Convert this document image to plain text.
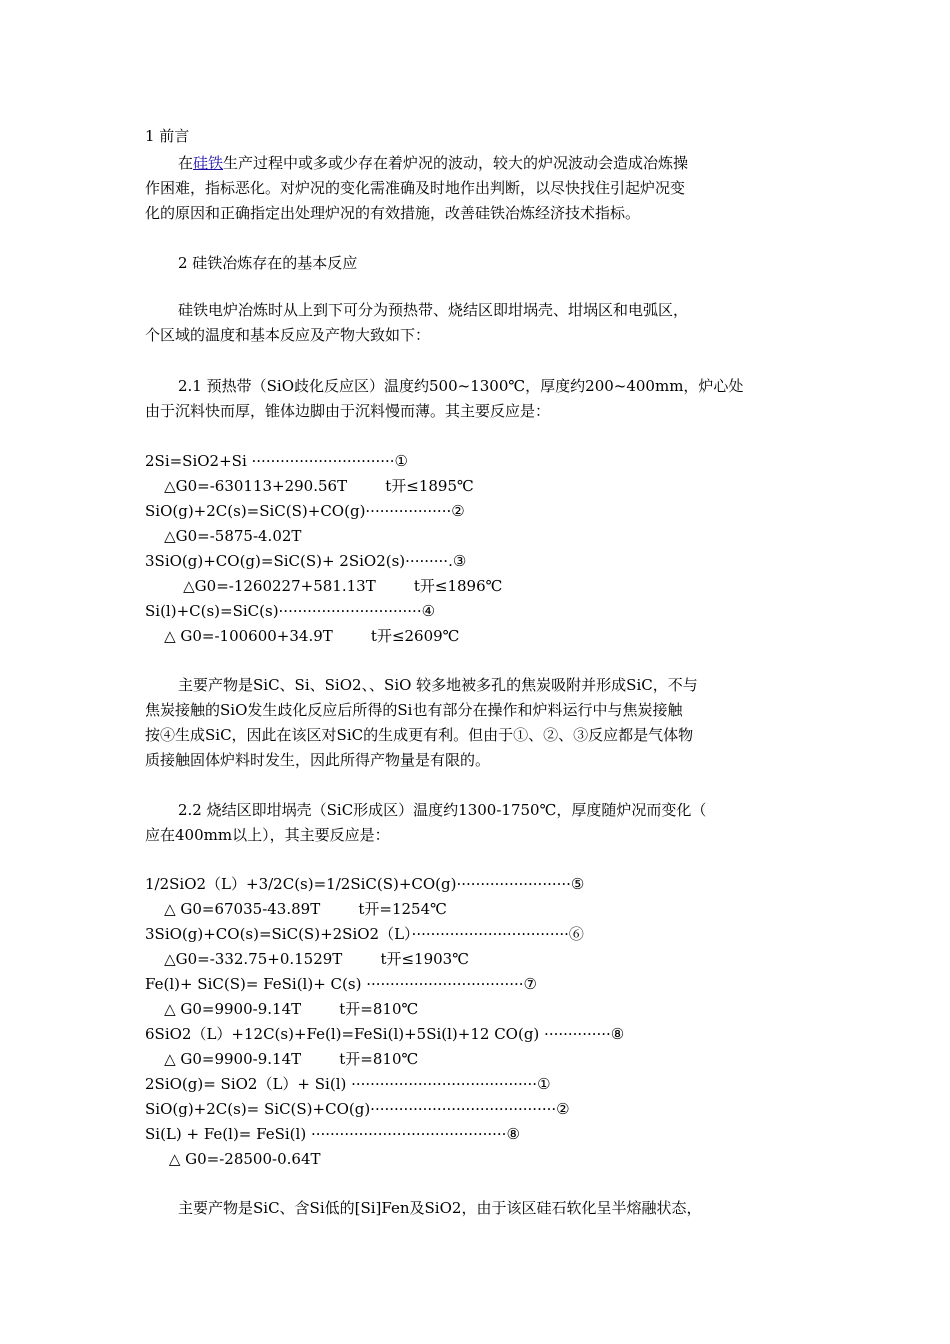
1 前言
在硅铁生产过程中或多或少存在着炉况的波动，较大的炉况波动会造成冶炼操
作困难，指标恶化。对炉况的变化需准确及时地作出判断，以尽快找住引起炉况变
化的原因和正确指定出处理炉况的有效措施，改善硅铁冶炼经济技术指标。
2 硅铁冶炼存在的基本反应
硅铁电炉冶炼时从上到下可分为预热带、烧结区即坩埚壳、坩埚区和电弧区，
个区域的温度和基本反应及产物大致如下：
2.1 预热带（SiO歧化反应区）温度约500~1300℃，厚度约200~400mm，炉心处
由于沉料快而厚，锥体边脚由于沉料慢而薄。其主要反应是：
2Si=SiO2+Si ······························①
△G0=-630113+290.56T        t开≤1895℃
SiO(g)+2C(s)=SiC(S)+CO(g)··················②
△G0=-5875-4.02T
3SiO(g)+CO(g)=SiC(S)+ 2SiO2(s)·········.③
△G0=-1260227+581.13T        t开≤1896℃
Si(l)+C(s)=SiC(s)······························④
△ G0=-100600+34.9T        t开≤2609℃
主要产物是SiC、Si、SiO2、、SiO 较多地被多孔的焦炭吸附并形成SiC，不与
焦炭接触的SiO发生歧化反应后所得的Si也有部分在操作和炉料运行中与焦炭接触
按④生成SiC，因此在该区对SiC的生成更有利。但由于①、②、③反应都是气体物
质接触固体炉料时发生，因此所得产物量是有限的。
2.2 烧结区即坩埚壳（SiC形成区）温度约1300-1750℃，厚度随炉况而变化（
应在400mm以上），其主要反应是：
1/2SiO2（L）+3/2C(s)=1/2SiC(S)+CO(g)························⑤
△ G0=67035-43.89T        t开=1254℃
3SiO(g)+CO(s)=SiC(S)+2SiO2（L）·································⑥
△G0=-332.75+0.1529T        t开≤1903℃
Fe(l)+ SiC(S)= FeSi(l)+ C(s) ·································⑦
△ G0=9900-9.14T        t开=810℃
6SiO2（L）+12C(s)+Fe(l)=FeSi(l)+5Si(l)+12 CO(g) ··············⑧
△ G0=9900-9.14T        t开=810℃
2SiO(g)= SiO2（L）+ Si(l) ·······································①
SiO(g)+2C(s)= SiC(S)+CO(g)·······································②
Si(L) + Fe(l)= FeSi(l) ·········································⑧
△ G0=-28500-0.64T
主要产物是SiC、含Si低的[Si]Fen及SiO2，由于该区硅石软化呈半熔融状态，
